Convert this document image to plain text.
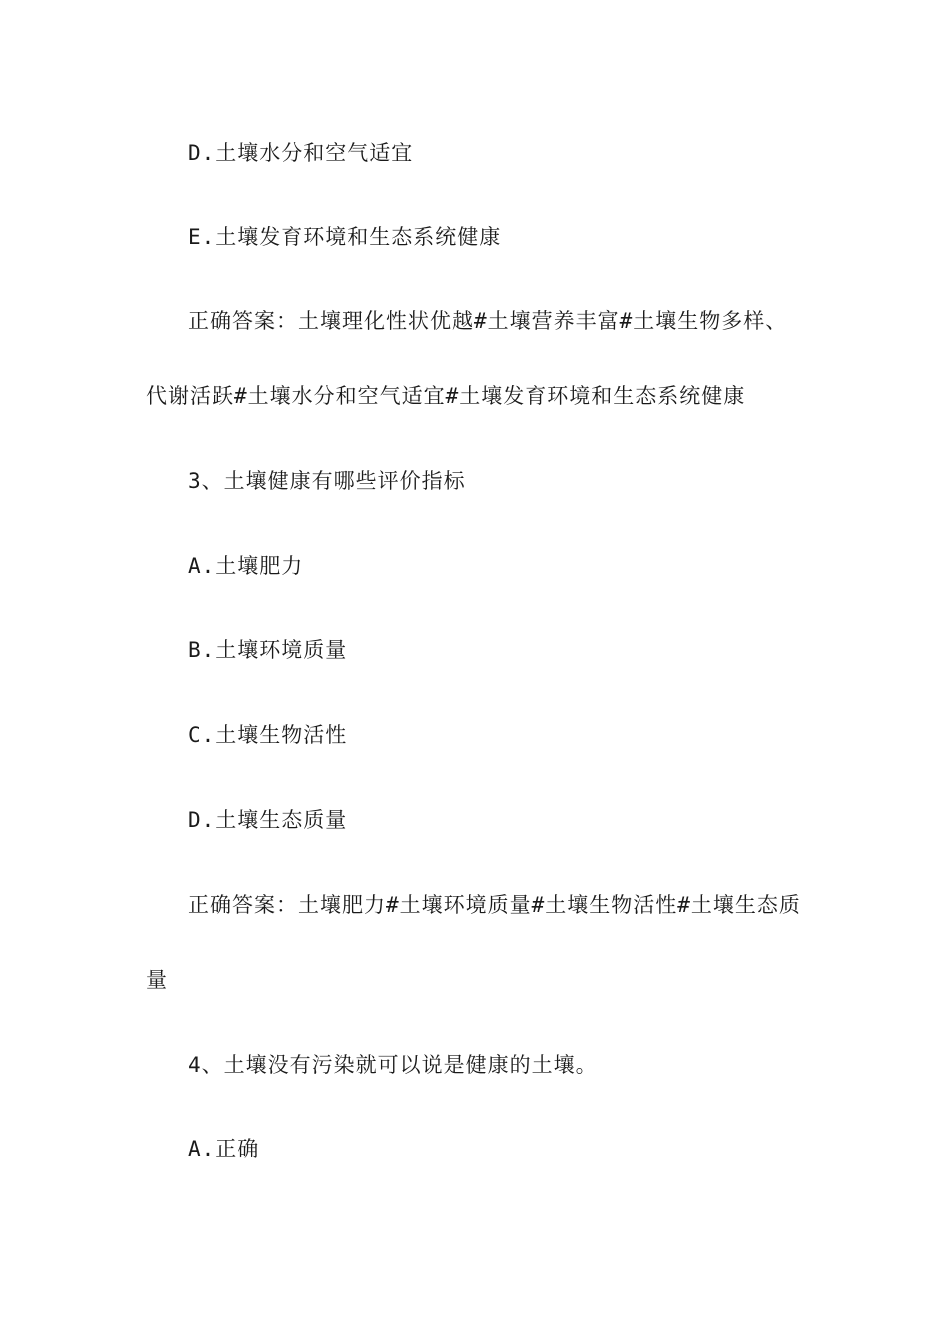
D.土壤水分和空气适宜
E.土壤发育环境和生态系统健康
正确答案：土壤理化性状优越#土壤营养丰富#土壤生物多样、
代谢活跃#土壤水分和空气适宜#土壤发育环境和生态系统健康
3、土壤健康有哪些评价指标
A.土壤肥力
B.土壤环境质量
C.土壤生物活性
D.土壤生态质量
正确答案：土壤肥力#土壤环境质量#土壤生物活性#土壤生态质
量
4、土壤没有污染就可以说是健康的土壤。
A.正确
